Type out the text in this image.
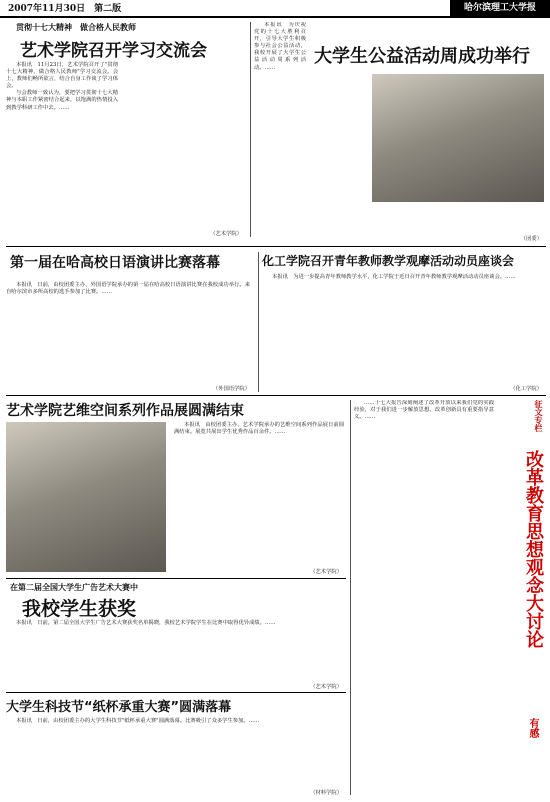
2007年11月30日　第二版	哈尔滨理工大学报
贯彻十七大精神　做合格人民教师
艺术学院召开学习交流会

本报讯　11月23日，艺术学院召开了"贯彻十七大精神，做合格人民教师"学习交流会。会上，教师们畅所欲言，结合自身工作谈了学习体会。

与会教师一致认为，要把学习贯彻十七大精神与本职工作紧密结合起来，以饱满的热情投入到教学科研工作中去。……

（艺术学院）

本报讯　为庆祝党的十七大胜利召开，引导大学生积极参与社会公益活动，我校开展了大学生公益活动周系列活动。……

大学生公益活动周成功举行
（团委）
第一届在哈高校日语演讲比赛落幕

本报讯　日前，由校团委主办、外国语学院承办的第一届在哈高校日语演讲比赛在我校成功举行。来自哈尔滨市多所高校的选手参加了比赛。……

（外国语学院）
化工学院召开青年教师教学观摩活动动员座谈会

本报讯　为进一步提高青年教师教学水平，化工学院于近日召开青年教师教学观摩活动动员座谈会。……

（化工学院）
艺术学院艺维空间系列作品展圆满结束

本报讯　由校团委主办、艺术学院承办的艺维空间系列作品展日前圆满结束。展览共展出学生优秀作品百余件。……

（艺术学院）

……十七大报告深刻阐述了改革开放以来我们党的实践经验，对于我们进一步解放思想、改革创新具有重要指导意义。……	征文专栏
改革教育思想观念大讨论
有感
在第二届全国大学生广告艺术大赛中
我校学生获奖

本报讯　日前，第二届全国大学生广告艺术大赛获奖名单揭晓，我校艺术学院学生在比赛中取得优异成绩。……

（艺术学院）
大学生科技节“纸杯承重大赛”圆满落幕

本报讯　日前，由校团委主办的大学生科技节"纸杯承重大赛"圆满落幕。比赛吸引了众多学生参加。……

（材料学院）
